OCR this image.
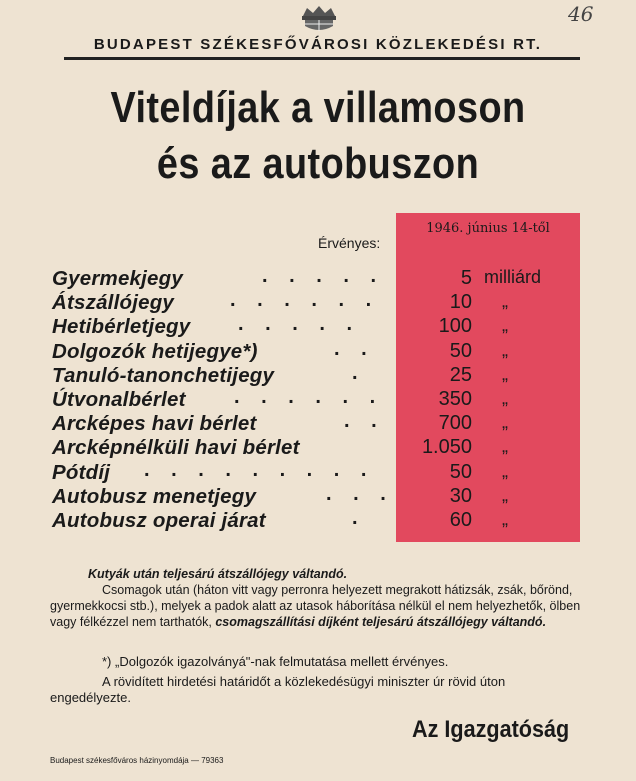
46
BUDAPEST SZÉKESFŐVÁROSI KÖZLEKEDÉSI RT.
Viteldíjak a villamoson
és az autobuszon
Érvényes:
1946. június 14-től
Gyermekjegy	. . . . .	5 milliárd
Átszállójegy	. . . . . .	10 „
Hetibérletjegy . . . . .	100 „
Dolgozók hetijegye*)	. .	50 „
Tanuló-tanonchetijegy	.	25 „
Útvonalbérlet . . . . . .	350 „
Arcképes havi bérlet	. .	700 „
Arcképnélküli havi bérlet	1.050 „
Pótdíj . . . . . . . . .	50 „
Autobusz menetjegy	. . .	30 „
Autobusz operai járat	.	60 „
Kutyák után teljesárú átszállójegy váltandó.
Csomagok után (háton vitt vagy perronra helyezett megrakott hátizsák, zsák, bőrönd, gyermekkocsi stb.), melyek a padok alatt az utasok háborítása nélkül el nem helyezhetők, ölben vagy félkézzel nem tarthatók, csomagszállítási díjként teljesárú átszállójegy váltandó.
*) „Dolgozók igazolványá"-nak felmutatása mellett érvényes.
A rövidített hirdetési határidőt a közlekedésügyi miniszter úr rövid úton engedélyezte.
Az Igazgatóság
Budapest székesfőváros házinyomdája — 79363
